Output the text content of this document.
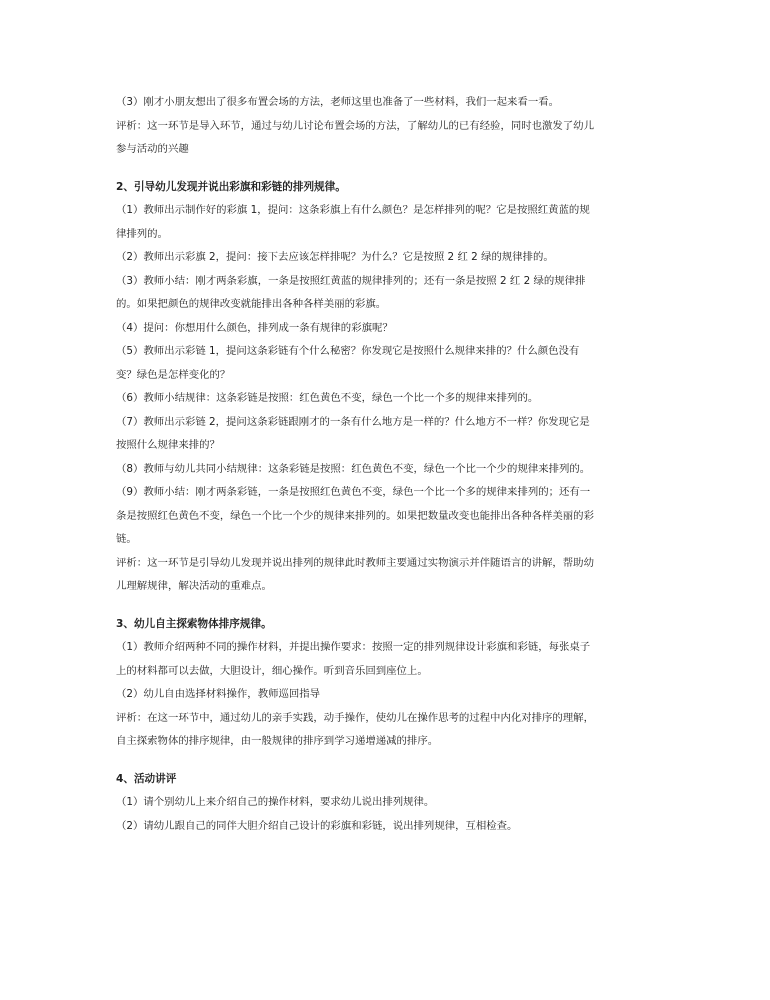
（3）刚才小朋友想出了很多布置会场的方法，老师这里也准备了一些材料，我们一起来看一看。

评析：这一环节是导入环节，通过与幼儿讨论布置会场的方法，了解幼儿的已有经验，同时也激发了幼儿

参与活动的兴趣

2、引导幼儿发现并说出彩旗和彩链的排列规律。

（1）教师出示制作好的彩旗 1，提问：这条彩旗上有什么颜色？是怎样排列的呢？它是按照红黄蓝的规

律排列的。

（2）教师出示彩旗 2，提问：接下去应该怎样排呢？为什么？它是按照 2 红 2 绿的规律排的。

（3）教师小结：刚才两条彩旗，一条是按照红黄蓝的规律排列的；还有一条是按照 2 红 2 绿的规律排

的。如果把颜色的规律改变就能排出各种各样美丽的彩旗。

（4）提问：你想用什么颜色，排列成一条有规律的彩旗呢？

（5）教师出示彩链 1，提问这条彩链有个什么秘密？你发现它是按照什么规律来排的？什么颜色没有

变？绿色是怎样变化的？

（6）教师小结规律：这条彩链是按照：红色黄色不变，绿色一个比一个多的规律来排列的。

（7）教师出示彩链 2，提问这条彩链跟刚才的一条有什么地方是一样的？什么地方不一样？你发现它是

按照什么规律来排的？

（8）教师与幼儿共同小结规律：这条彩链是按照：红色黄色不变，绿色一个比一个少的规律来排列的。

（9）教师小结：刚才两条彩链，一条是按照红色黄色不变，绿色一个比一个多的规律来排列的；还有一

条是按照红色黄色不变，绿色一个比一个少的规律来排列的。如果把数量改变也能排出各种各样美丽的彩

链。

评析：这一环节是引导幼儿发现并说出排列的规律此时教师主要通过实物演示并伴随语言的讲解，帮助幼

儿理解规律，解决活动的重难点。

3、幼儿自主探索物体排序规律。

（1）教师介绍两种不同的操作材料，并提出操作要求：按照一定的排列规律设计彩旗和彩链，每张桌子

上的材料都可以去做，大胆设计，细心操作。听到音乐回到座位上。

（2）幼儿自由选择材料操作，教师巡回指导

评析：在这一环节中，通过幼儿的亲手实践，动手操作，使幼儿在操作思考的过程中内化对排序的理解，

自主探索物体的排序规律，由一般规律的排序到学习递增递减的排序。

4、活动讲评

（1）请个别幼儿上来介绍自己的操作材料，要求幼儿说出排列规律。

（2）请幼儿跟自己的同伴大胆介绍自己设计的彩旗和彩链，说出排列规律，互相检查。
